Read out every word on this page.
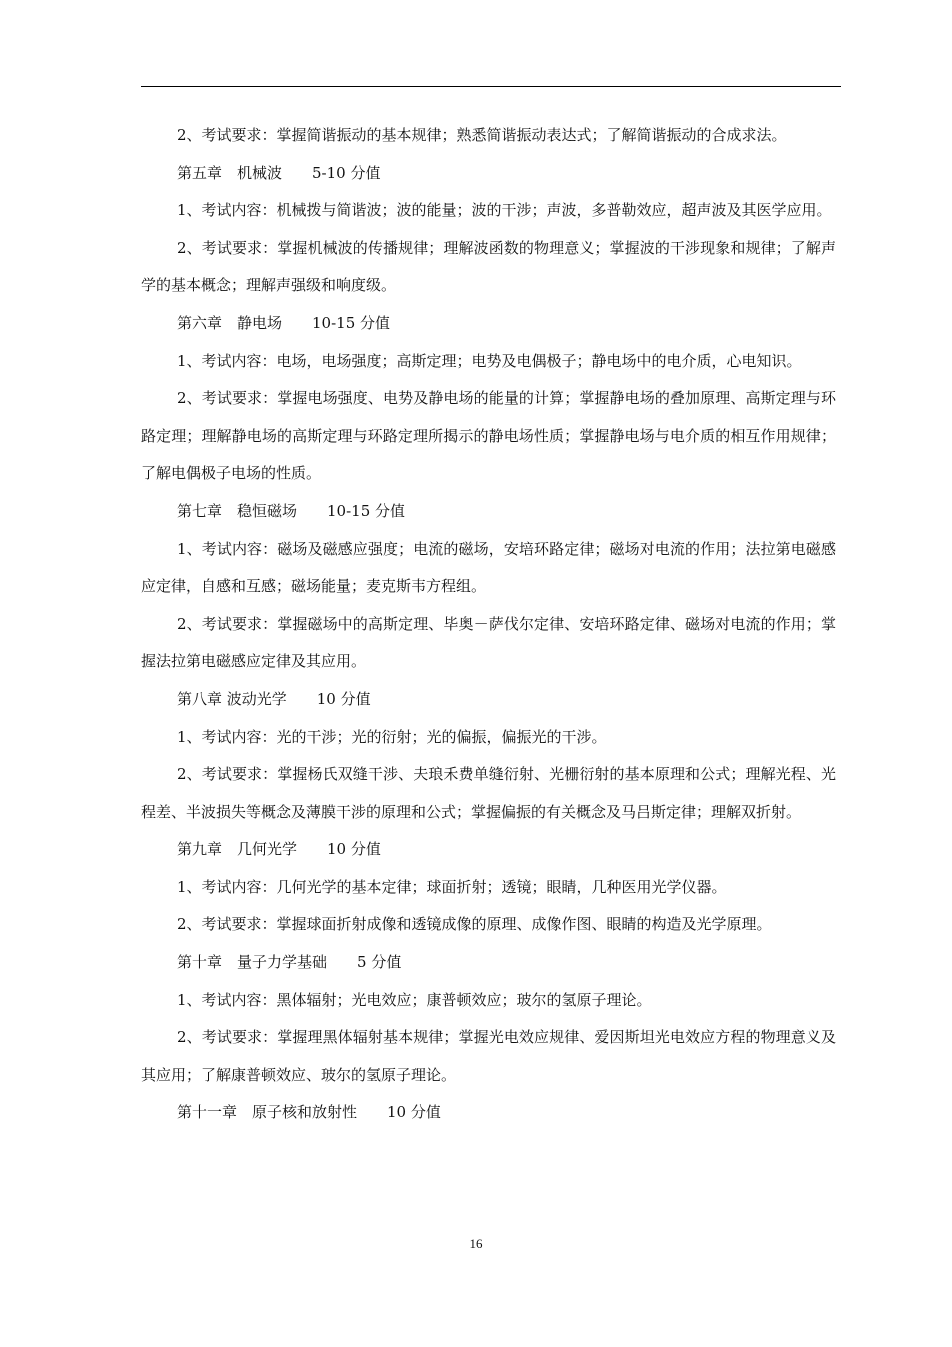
2、考试要求：掌握简谐振动的基本规律；熟悉简谐振动表达式；了解简谐振动的合成求法。

第五章　机械波　　5-10 分值

1、考试内容：机械拨与简谐波；波的能量；波的干涉；声波，多普勒效应，超声波及其医学应用。

2、考试要求：掌握机械波的传播规律；理解波函数的物理意义；掌握波的干涉现象和规律；了解声学的基本概念；理解声强级和响度级。

第六章　静电场　　10-15 分值

1、考试内容：电场，电场强度；高斯定理；电势及电偶极子；静电场中的电介质，心电知识。

2、考试要求：掌握电场强度、电势及静电场的能量的计算；掌握静电场的叠加原理、高斯定理与环路定理；理解静电场的高斯定理与环路定理所揭示的静电场性质；掌握静电场与电介质的相互作用规律；了解电偶极子电场的性质。

第七章　稳恒磁场　　10-15 分值

1、考试内容：磁场及磁感应强度；电流的磁场，安培环路定律；磁场对电流的作用；法拉第电磁感应定律，自感和互感；磁场能量；麦克斯韦方程组。

2、考试要求：掌握磁场中的高斯定理、毕奥－萨伐尔定律、安培环路定律、磁场对电流的作用；掌握法拉第电磁感应定律及其应用。

第八章 波动光学　　10 分值

1、考试内容：光的干涉；光的衍射；光的偏振，偏振光的干涉。

2、考试要求：掌握杨氏双缝干涉、夫琅禾费单缝衍射、光栅衍射的基本原理和公式；理解光程、光程差、半波损失等概念及薄膜干涉的原理和公式；掌握偏振的有关概念及马吕斯定律；理解双折射。

第九章　几何光学　　10 分值

1、考试内容：几何光学的基本定律；球面折射；透镜；眼睛，几种医用光学仪器。

2、考试要求：掌握球面折射成像和透镜成像的原理、成像作图、眼睛的构造及光学原理。

第十章　量子力学基础　　5 分值

1、考试内容：黑体辐射；光电效应；康普顿效应；玻尔的氢原子理论。

2、考试要求：掌握理黑体辐射基本规律；掌握光电效应规律、爱因斯坦光电效应方程的物理意义及其应用；了解康普顿效应、玻尔的氢原子理论。

第十一章　原子核和放射性　　10 分值

16
